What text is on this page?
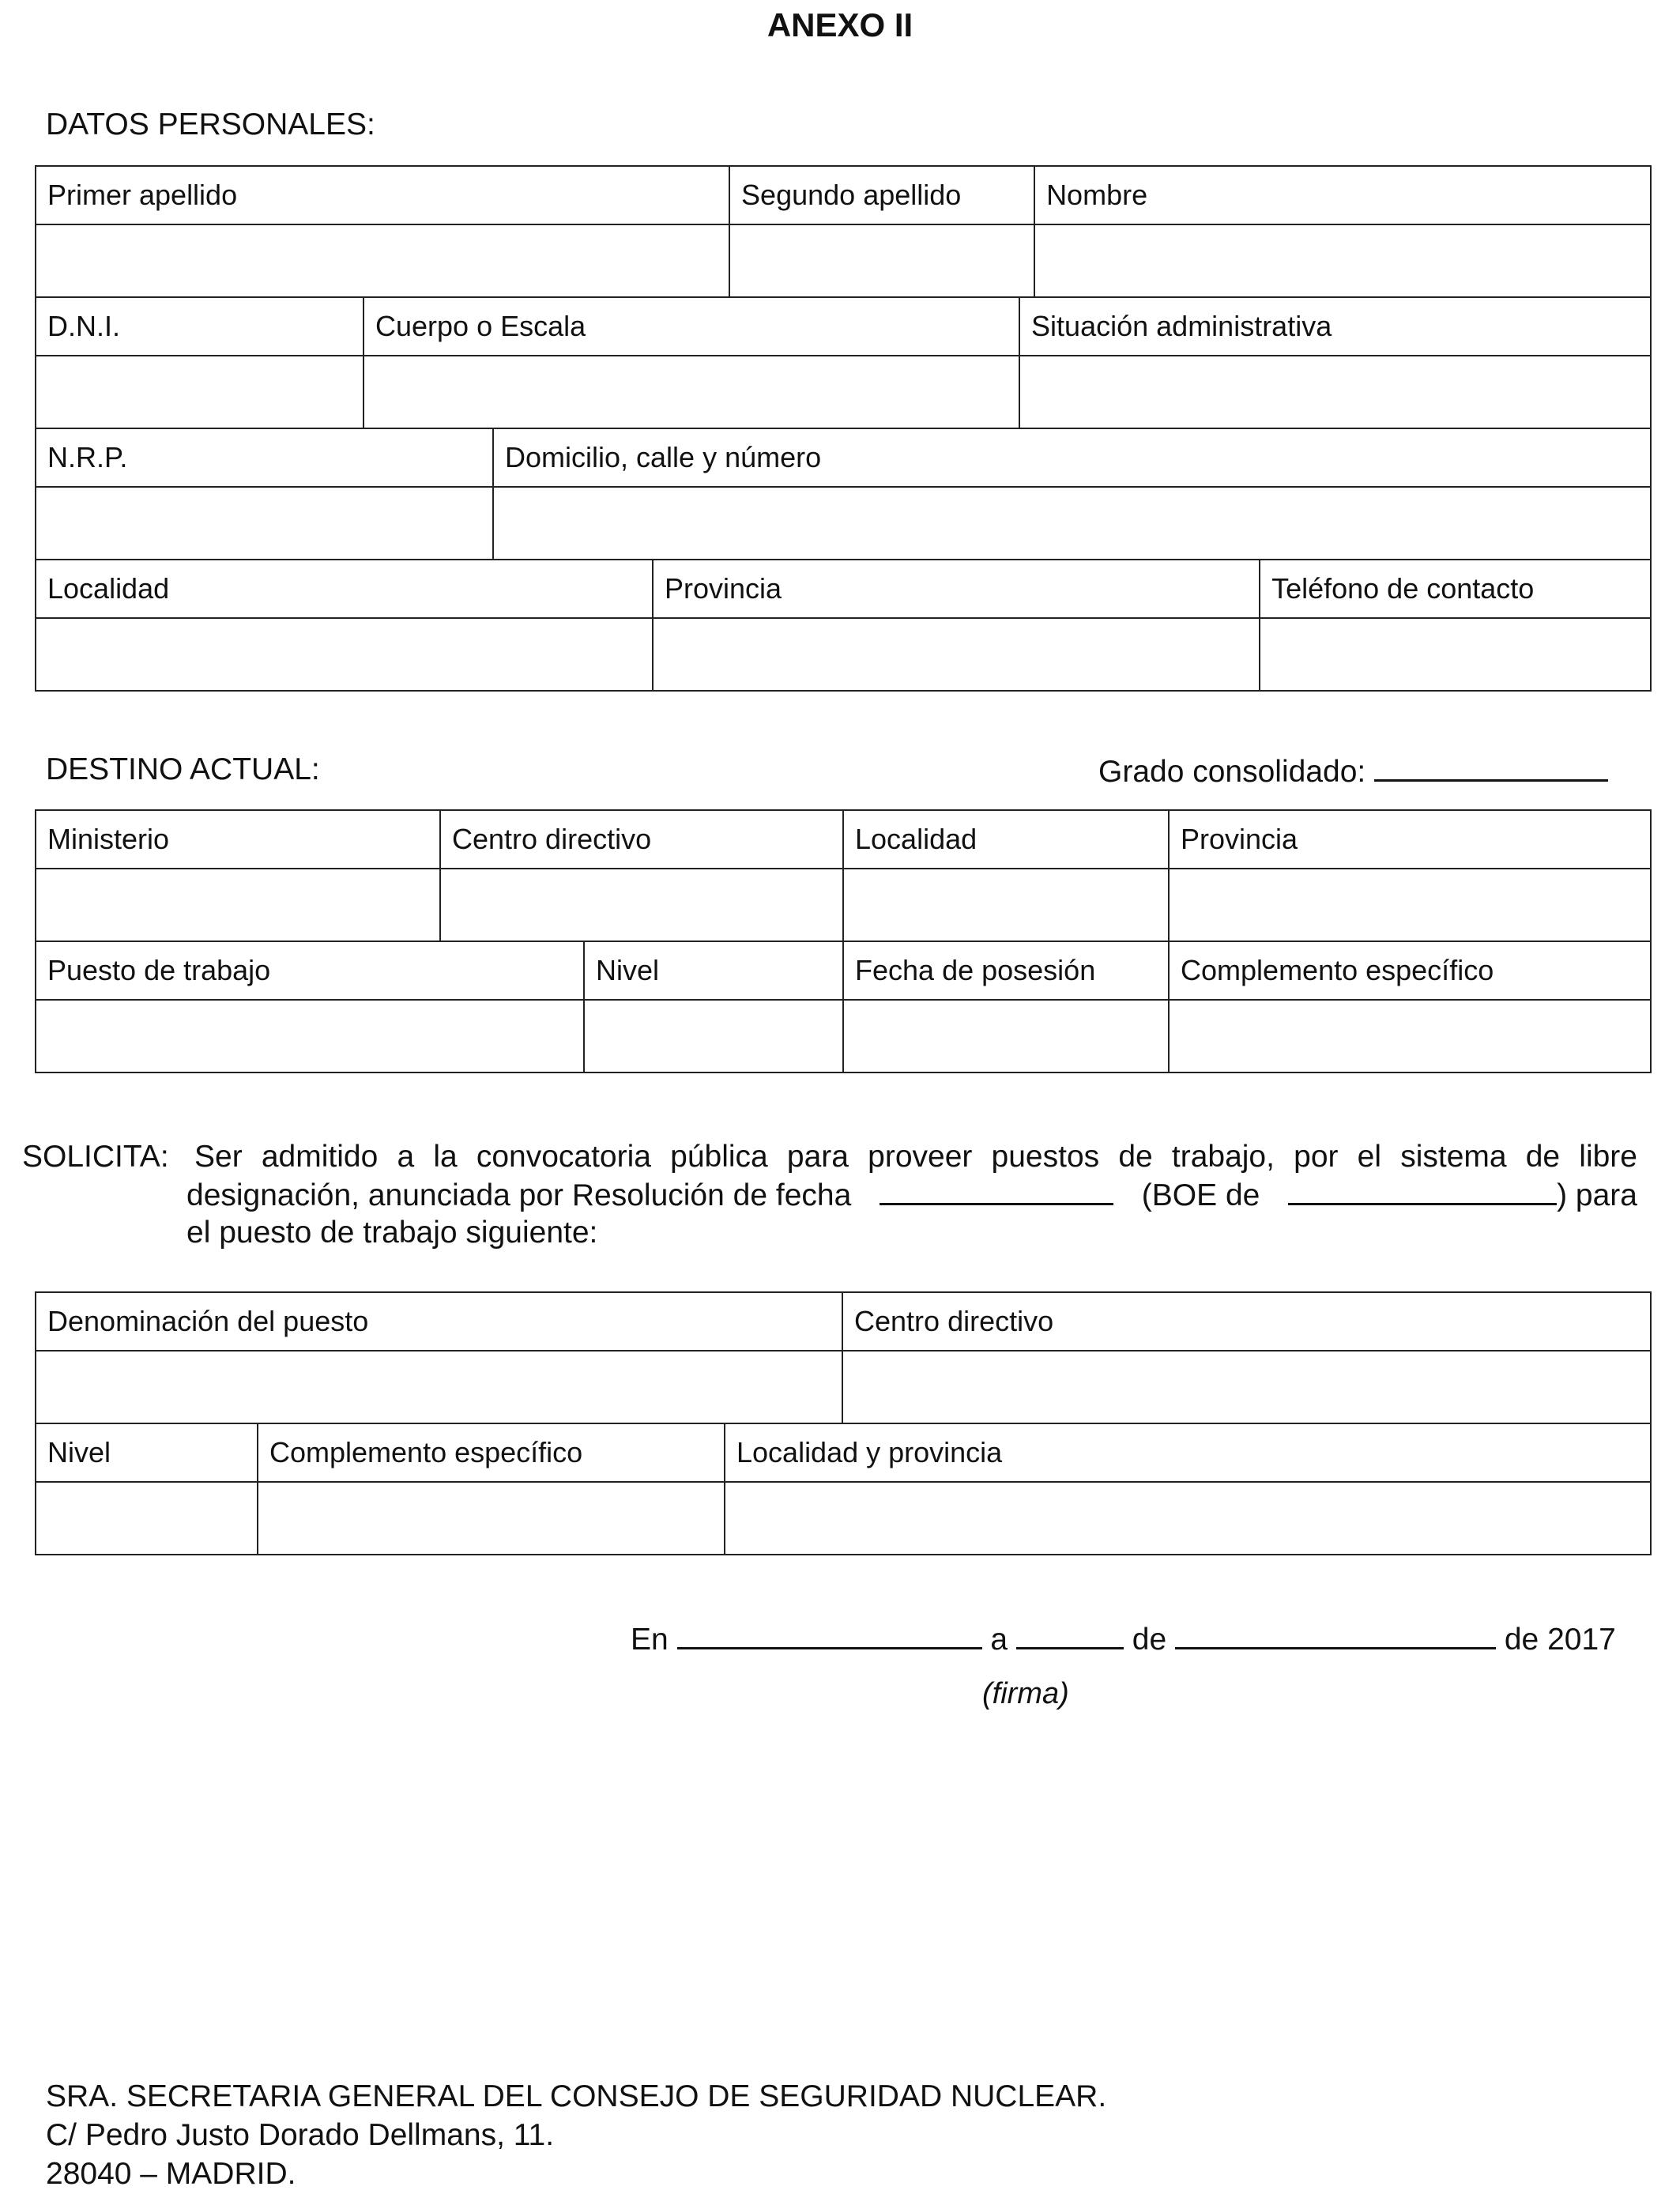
ANEXO II
DATOS PERSONALES:
Primer apellido				Segundo apellido		Nombre	

D.N.I.	Cuerpo o Escala				Situación administrativa		

N.R.P.		Domicilio, calle y número					

Localidad			Provincia				Teléfono de contacto

DESTINO ACTUAL:	Grado consolidado:
Ministerio	Centro directivo		Localidad	Provincia

Puesto de trabajo		Nivel	Fecha de posesión	Complemento específico

SOLICITA: Ser admitido a la convocatoria pública para proveer puestos de trabajo, por el sistema de libre
designación, anunciada por Resolución de fecha	(BOE de	) para
el puesto de trabajo siguiente:
Denominación del puesto			Centro directivo

Nivel	Complemento específico	Localidad y provincia	

En	a	de	de 2017
(firma)
SRA. SECRETARIA GENERAL DEL CONSEJO DE SEGURIDAD NUCLEAR.
C/ Pedro Justo Dorado Dellmans, 11.
28040 – MADRID.
